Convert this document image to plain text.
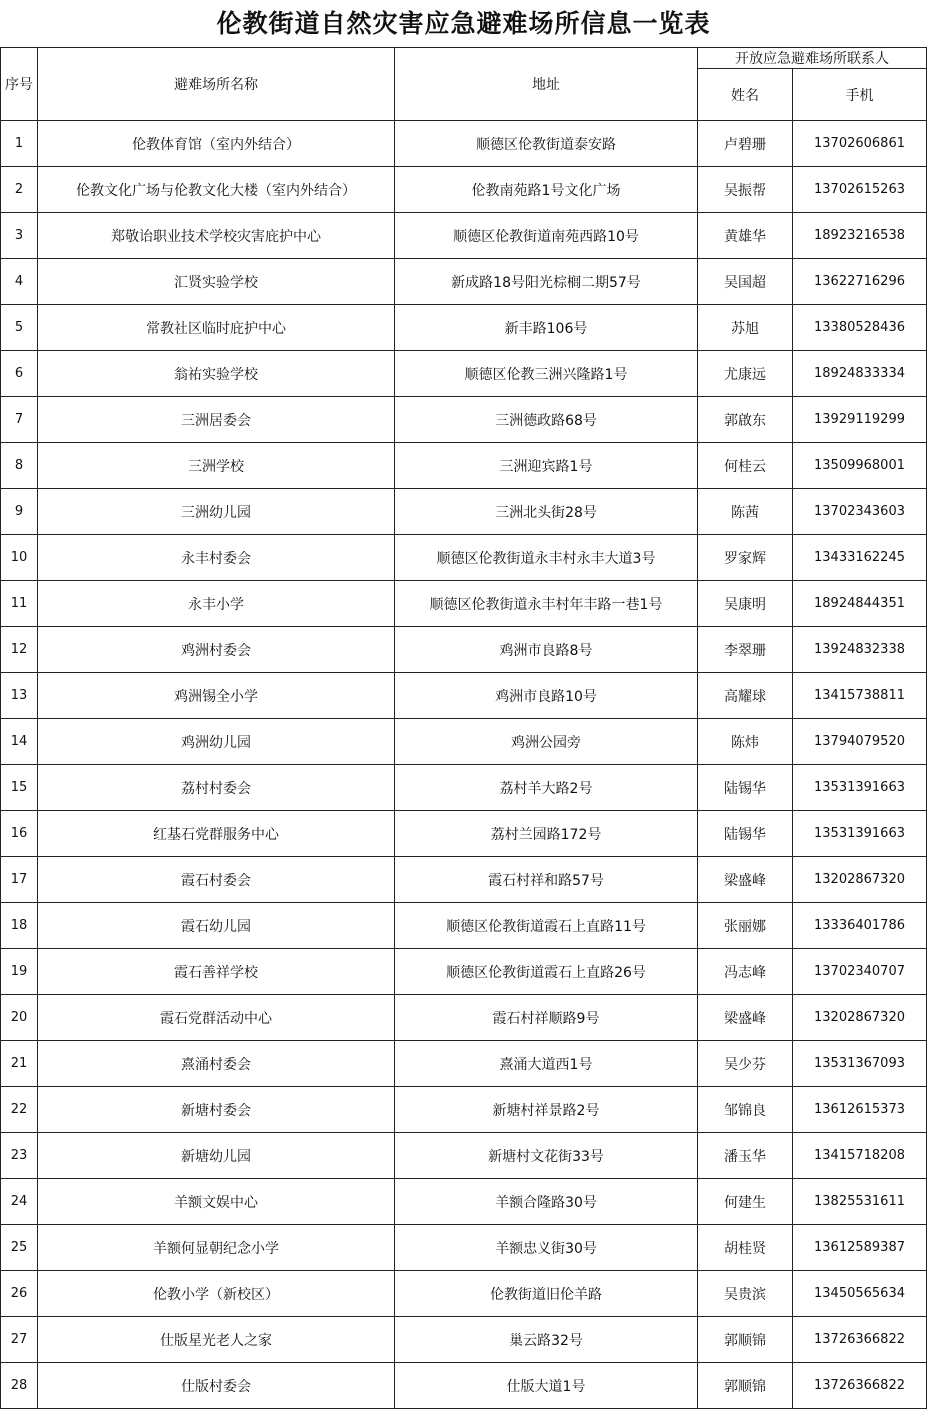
伦教街道自然灾害应急避难场所信息一览表
序号	避难场所名称	地址	开放应急避难场所联系人	
			姓名	手机
1	伦教体育馆（室内外结合）	顺德区伦教街道泰安路	卢碧珊	13702606861
2	伦教文化广场与伦教文化大楼（室内外结合）	伦教南苑路1号文化广场	吴振帮	13702615263
3	郑敬诒职业技术学校灾害庇护中心	顺德区伦教街道南苑西路10号	黄雄华	18923216538
4	汇贤实验学校	新成路18号阳光棕榈二期57号	吴国超	13622716296
5	常教社区临时庇护中心	新丰路106号	苏旭	13380528436
6	翁祐实验学校	顺德区伦教三洲兴隆路1号	尤康远	18924833334
7	三洲居委会	三洲德政路68号	郭啟东	13929119299
8	三洲学校	三洲迎宾路1号	何桂云	13509968001
9	三洲幼儿园	三洲北头街28号	陈茜	13702343603
10	永丰村委会	顺德区伦教街道永丰村永丰大道3号	罗家辉	13433162245
11	永丰小学	顺德区伦教街道永丰村年丰路一巷1号	吴康明	18924844351
12	鸡洲村委会	鸡洲市良路8号	李翠珊	13924832338
13	鸡洲锡全小学	鸡洲市良路10号	高耀球	13415738811
14	鸡洲幼儿园	鸡洲公园旁	陈炜	13794079520
15	荔村村委会	荔村羊大路2号	陆锡华	13531391663
16	红基石党群服务中心	荔村兰园路172号	陆锡华	13531391663
17	霞石村委会	霞石村祥和路57号	梁盛峰	13202867320
18	霞石幼儿园	顺德区伦教街道霞石上直路11号	张丽娜	13336401786
19	霞石善祥学校	顺德区伦教街道霞石上直路26号	冯志峰	13702340707
20	霞石党群活动中心	霞石村祥顺路9号	梁盛峰	13202867320
21	熹涌村委会	熹涌大道西1号	吴少芬	13531367093
22	新塘村委会	新塘村祥景路2号	邹锦良	13612615373
23	新塘幼儿园	新塘村文花街33号	潘玉华	13415718208
24	羊额文娱中心	羊额合隆路30号	何建生	13825531611
25	羊额何显朝纪念小学	羊额忠义街30号	胡桂贤	13612589387
26	伦教小学（新校区）	伦教街道旧伦羊路	吴贵滨	13450565634
27	仕版星光老人之家	巢云路32号	郭顺锦	13726366822
28	仕版村委会	仕版大道1号	郭顺锦	13726366822
